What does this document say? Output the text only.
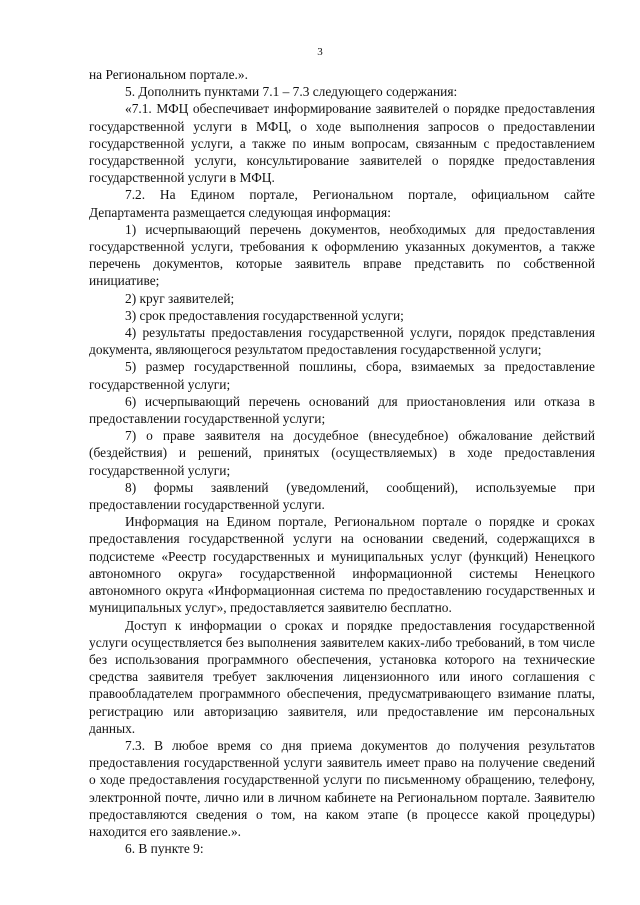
3

на Региональном портале.».

5. Дополнить пунктами 7.1 – 7.3 следующего содержания:

«7.1. МФЦ обеспечивает информирование заявителей о порядке предоставления государственной услуги в МФЦ, о ходе выполнения запросов о предоставлении государственной услуги, а также по иным вопросам, связанным с предоставлением государственной услуги, консультирование заявителей о порядке предоставления государственной услуги в МФЦ.

7.2. На Едином портале, Региональном портале, официальном сайте Департамента размещается следующая информация:

1) исчерпывающий перечень документов, необходимых для предоставления государственной услуги, требования к оформлению указанных документов, а также перечень документов, которые заявитель вправе представить по собственной инициативе;

2) круг заявителей;

3) срок предоставления государственной услуги;

4) результаты предоставления государственной услуги, порядок представления документа, являющегося результатом предоставления государственной услуги;

5) размер государственной пошлины, сбора, взимаемых за предоставление государственной услуги;

6) исчерпывающий перечень оснований для приостановления или отказа в предоставлении государственной услуги;

7) о праве заявителя на досудебное (внесудебное) обжалование действий (бездействия) и решений, принятых (осуществляемых) в ходе предоставления государственной услуги;

8) формы заявлений (уведомлений, сообщений), используемые при предоставлении государственной услуги.

Информация на Едином портале, Региональном портале о порядке и сроках предоставления государственной услуги на основании сведений, содержащихся в подсистеме «Реестр государственных и муниципальных услуг (функций) Ненецкого автономного округа» государственной информационной системы Ненецкого автономного округа «Информационная система по предоставлению государственных и муниципальных услуг», предоставляется заявителю бесплатно.

Доступ к информации о сроках и порядке предоставления государственной услуги осуществляется без выполнения заявителем каких-либо требований, в том числе без использования программного обеспечения, установка которого на технические средства заявителя требует заключения лицензионного или иного соглашения с правообладателем программного обеспечения, предусматривающего взимание платы, регистрацию или авторизацию заявителя, или предоставление им персональных данных.

7.3. В любое время со дня приема документов до получения результатов предоставления государственной услуги заявитель имеет право на получение сведений о ходе предоставления государственной услуги по письменному обращению, телефону, электронной почте, лично или в личном кабинете на Региональном портале. Заявителю предоставляются сведения о том, на каком этапе (в процессе какой процедуры) находится его заявление.».

6. В пункте 9:
